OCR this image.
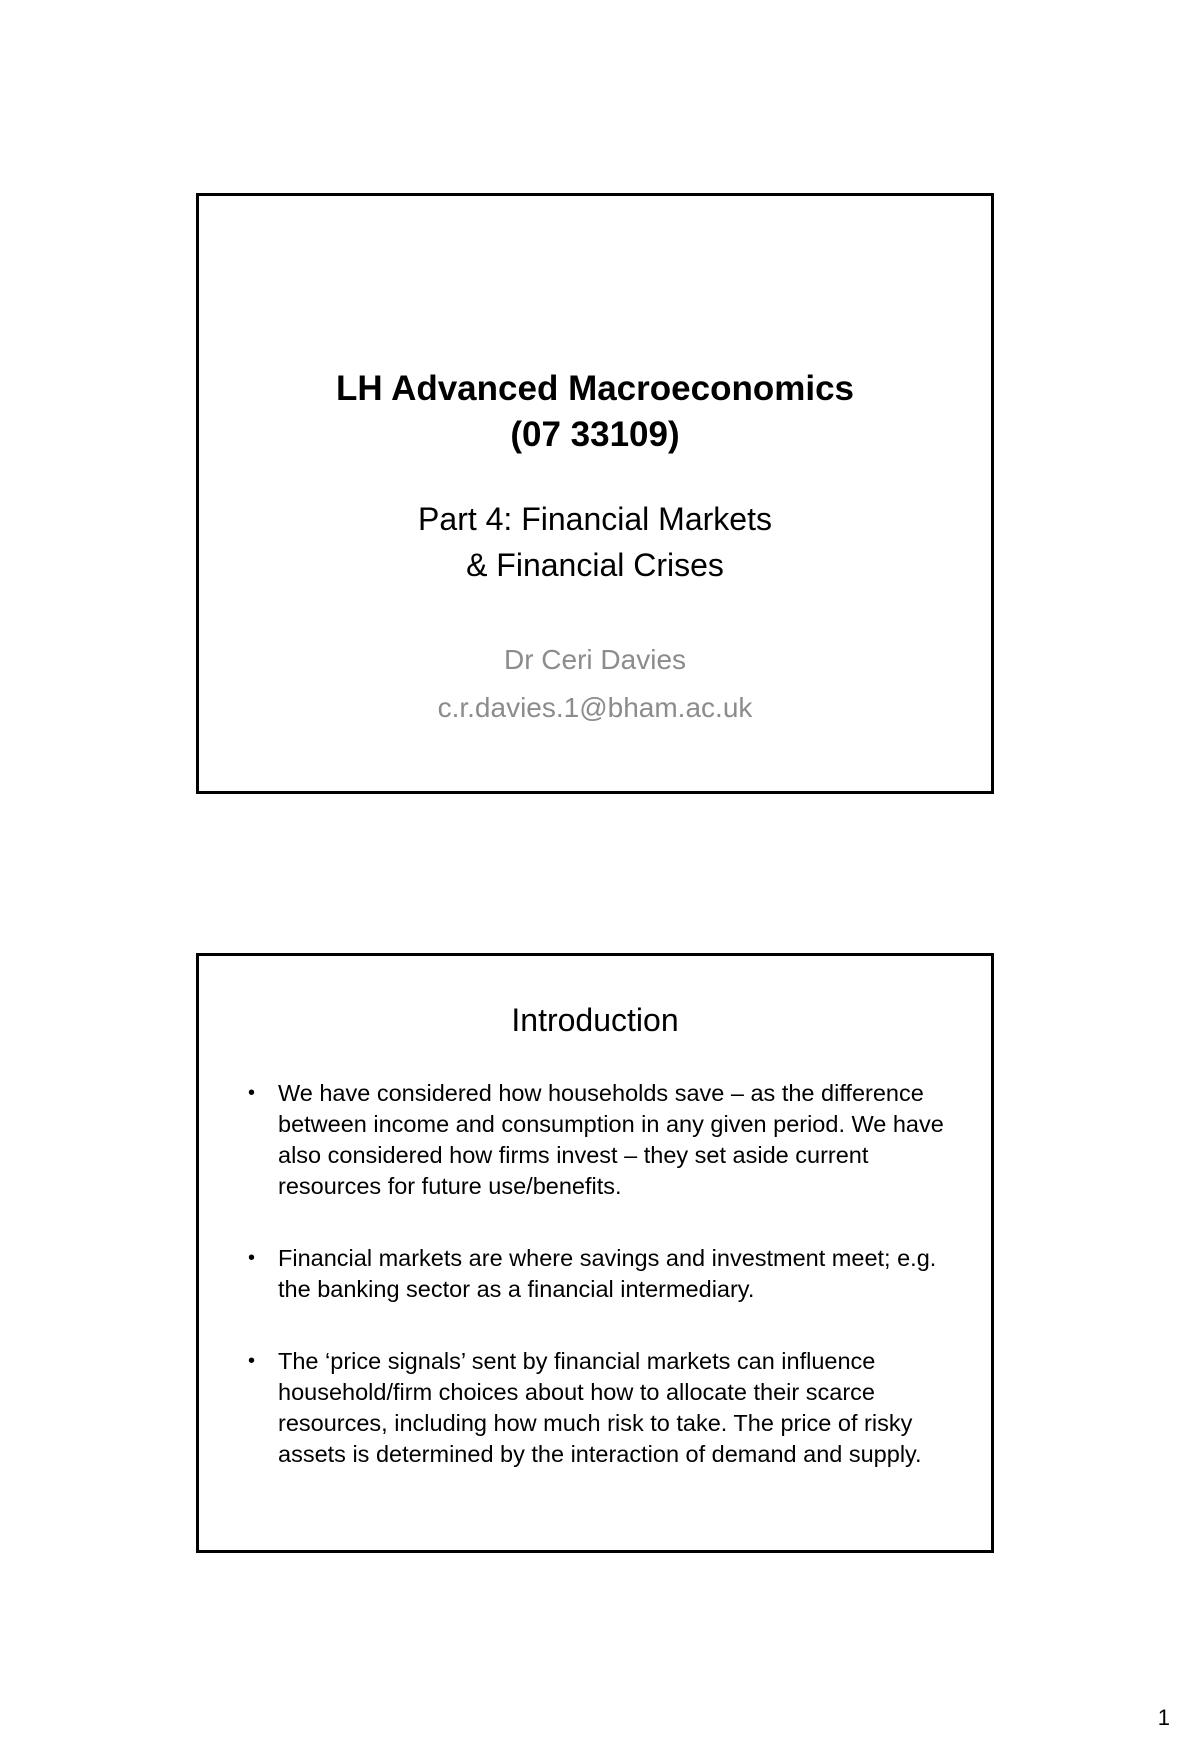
LH Advanced Macroeconomics
(07 33109)
Part 4: Financial Markets
& Financial Crises
Dr Ceri Davies
c.r.davies.1@bham.ac.uk
Introduction
• We have considered how households save – as the difference between income and consumption in any given period. We have also considered how firms invest – they set aside current resources for future use/benefits.
• Financial markets are where savings and investment meet; e.g. the banking sector as a financial intermediary.
• The ‘price signals’ sent by financial markets can influence household/firm choices about how to allocate their scarce resources, including how much risk to take. The price of risky assets is determined by the interaction of demand and supply.
1
